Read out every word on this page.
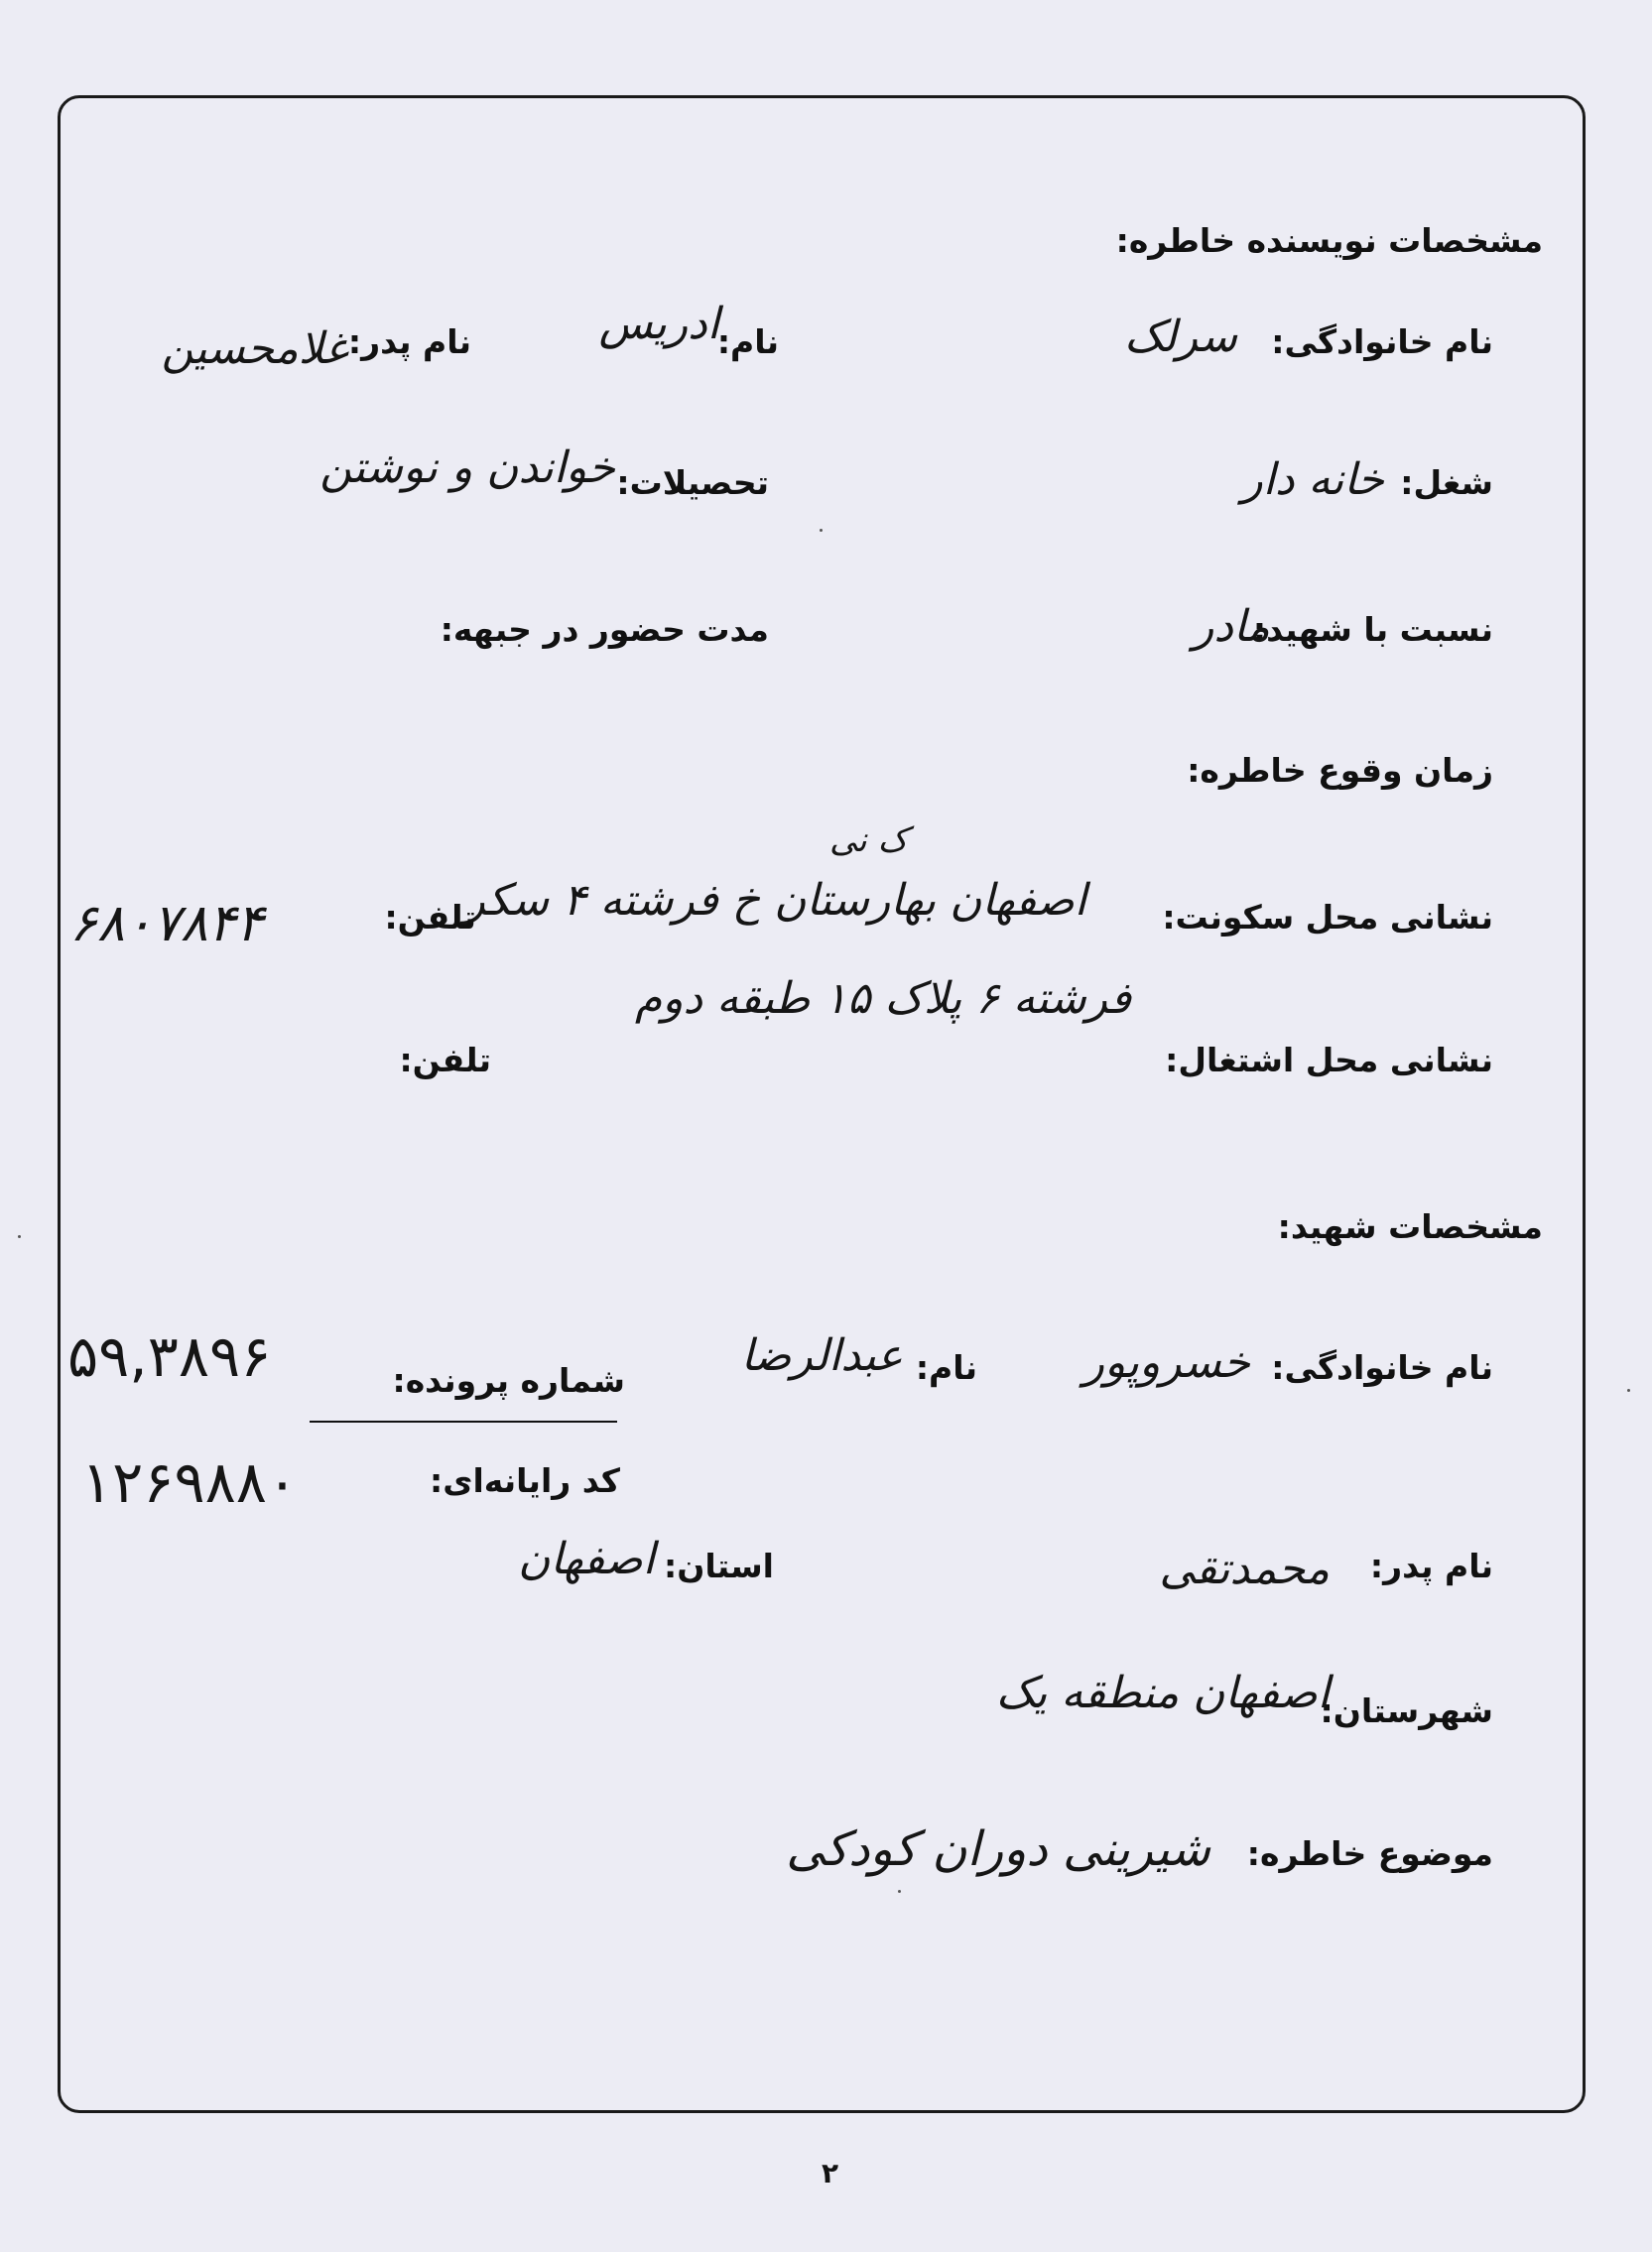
مشخصات نویسنده خاطره:
نام خانوادگی:
سرلک
نام:
ادریس
نام پدر:
غلامحسین
شغل:
خانه دار
تحصیلات:
خواندن و نوشتن
نسبت با شهید:
مادر
مدت حضور در جبهه:
زمان وقوع خاطره:
نشانی محل سکونت:
ک نی
اصفهان بهارستان خ فرشته ۴ سکر
فرشته ۶ پلاک ۱۵ طبقه دوم
تلفن:
۶۸۰۷۸۴۴
نشانی محل اشتغال:
تلفن:
مشخصات شهید:
نام خانوادگی:
خسروپور
نام:
عبدالرضا
شماره پرونده:
۵۹,۳۸۹۶
کد رایانه‌ای:
۱۲۶۹۸۸۰
نام پدر:
محمدتقی
استان:
اصفهان
شهرستان:
اصفهان منطقه یک
موضوع خاطره:
شیرینی دوران کودکی
۲
